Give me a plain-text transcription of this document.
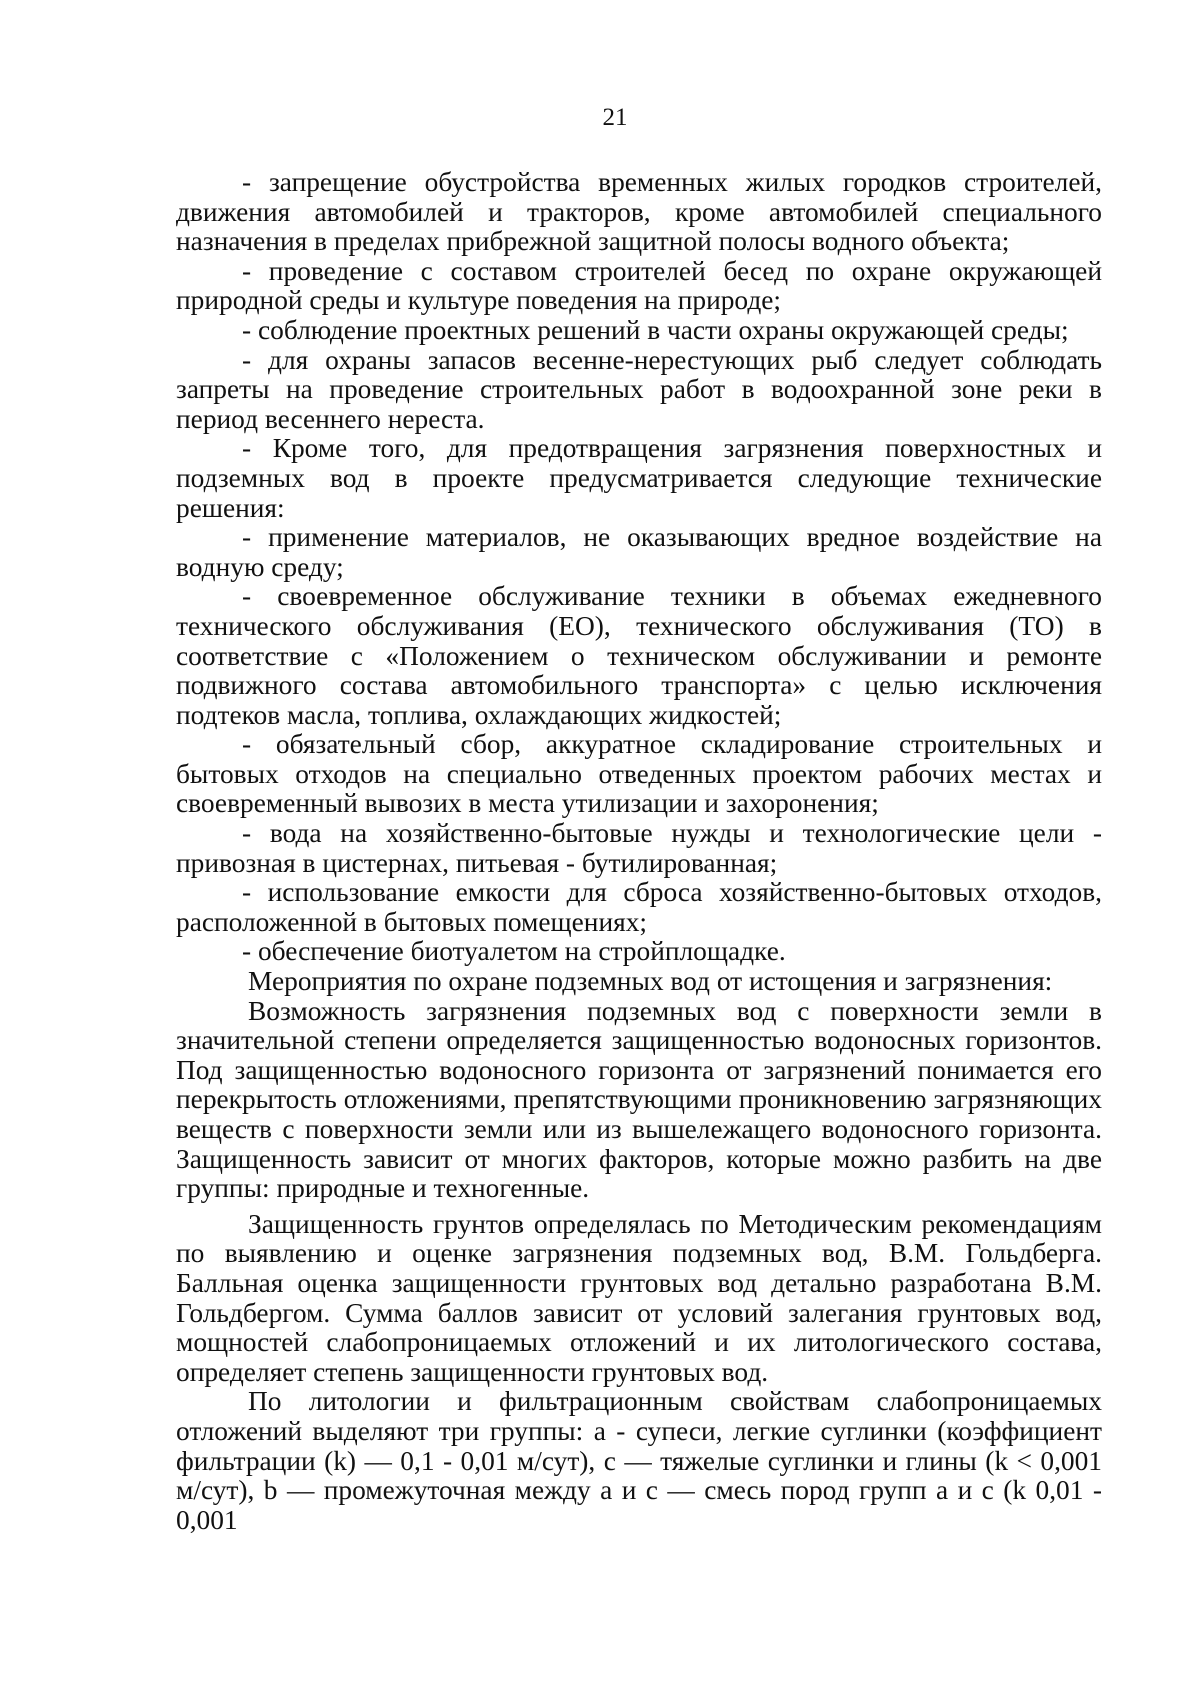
21

- запрещение обустройства временных жилых городков строителей, движения автомобилей и тракторов, кроме автомобилей специального назначения в пределах прибрежной защитной полосы водного объекта;

- проведение с составом строителей бесед по охране окружающей природной среды и культуре поведения на природе;

- соблюдение проектных решений в части охраны окружающей среды;

- для охраны запасов весенне-нерестующих рыб следует соблюдать запреты на проведение строительных работ в водоохранной зоне реки в период весеннего нереста.

- Кроме того, для предотвращения загрязнения поверхностных и подземных вод в проекте предусматривается следующие технические решения:

- применение материалов, не оказывающих вредное воздействие на водную среду;

- своевременное обслуживание техники в объемах ежедневного технического обслуживания (ЕО), технического обслуживания (ТО) в соответствие с «Положением о техническом обслуживании и ремонте подвижного состава автомобильного транспорта» с целью исключения подтеков масла, топлива, охлаждающих жидкостей;

- обязательный сбор, аккуратное складирование строительных и бытовых отходов на специально отведенных проектом рабочих местах и своевременный вывозих в места утилизации и захоронения;

- вода на хозяйственно-бытовые нужды и технологические цели - привозная в цистернах, питьевая - бутилированная;

- использование емкости для сброса хозяйственно-бытовых отходов, расположенной в бытовых помещениях;

- обеспечение биотуалетом на стройплощадке.

Мероприятия по охране подземных вод от истощения и загрязнения:

Возможность загрязнения подземных вод с поверхности земли в значительной степени определяется защищенностью водоносных горизонтов. Под защищенностью водоносного горизонта от загрязнений понимается его перекрытость отложениями, препятствующими проникновению загрязняющих веществ с поверхности земли или из вышележащего водоносного горизонта. Защищенность зависит от многих факторов, которые можно разбить на две группы: природные и техногенные.

Защищенность грунтов определялась по Методическим рекомендациям по выявлению и оценке загрязнения подземных вод, В.М. Гольдберга. Балльная оценка защищенности грунтовых вод детально разработана В.М. Гольдбергом. Сумма баллов зависит от условий залегания грунтовых вод, мощностей слабопроницаемых отложений и их литологического состава, определяет степень защищенности грунтовых вод.

По литологии и фильтрационным свойствам слабопроницаемых отложений выделяют три группы: а - супеси, легкие суглинки (коэффициент фильтрации (k) — 0,1 - 0,01 м/сут), с — тяжелые суглинки и глины (k < 0,001 м/сут), b — промежуточная между а и с — смесь пород групп а и с (k 0,01 - 0,001
